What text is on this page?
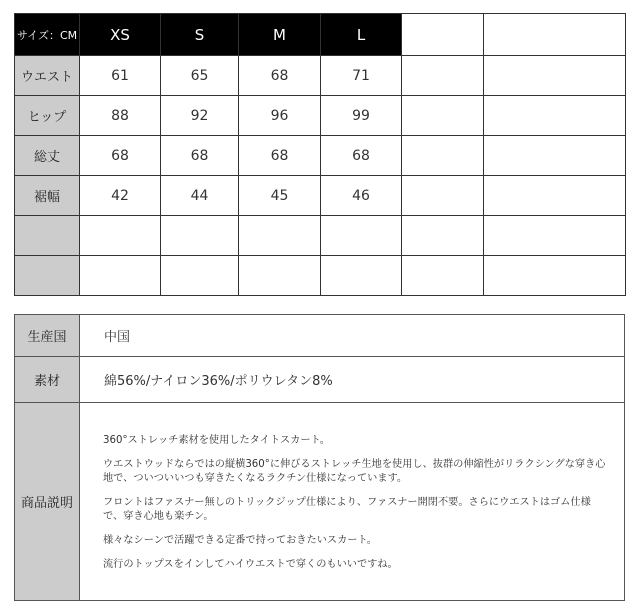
サイズ：CM	XS	S	M	L		
ウエスト	61	65	68	71		
ヒップ	88	92	96	99		
総丈	68	68	68	68		
裾幅	42	44	45	46		

生産国	中国
素材	綿56%/ナイロン36%/ポリウレタン8%
商品説明	360°ストレッチ素材を使用したタイトスカート。

ウエストウッドならではの縦横360°に伸びるストレッチ生地を使用し、抜群の伸縮性がリラクシングな穿き心地で、ついついいつも穿きたくなるラクチン仕様になっています。

フロントはファスナー無しのトリックジップ仕様により、ファスナー開閉不要。さらにウエストはゴム仕様で、穿き心地も楽チン。

様々なシーンで活躍できる定番で持っておきたいスカート。

流行のトップスをインしてハイウエストで穿くのもいいですね。
